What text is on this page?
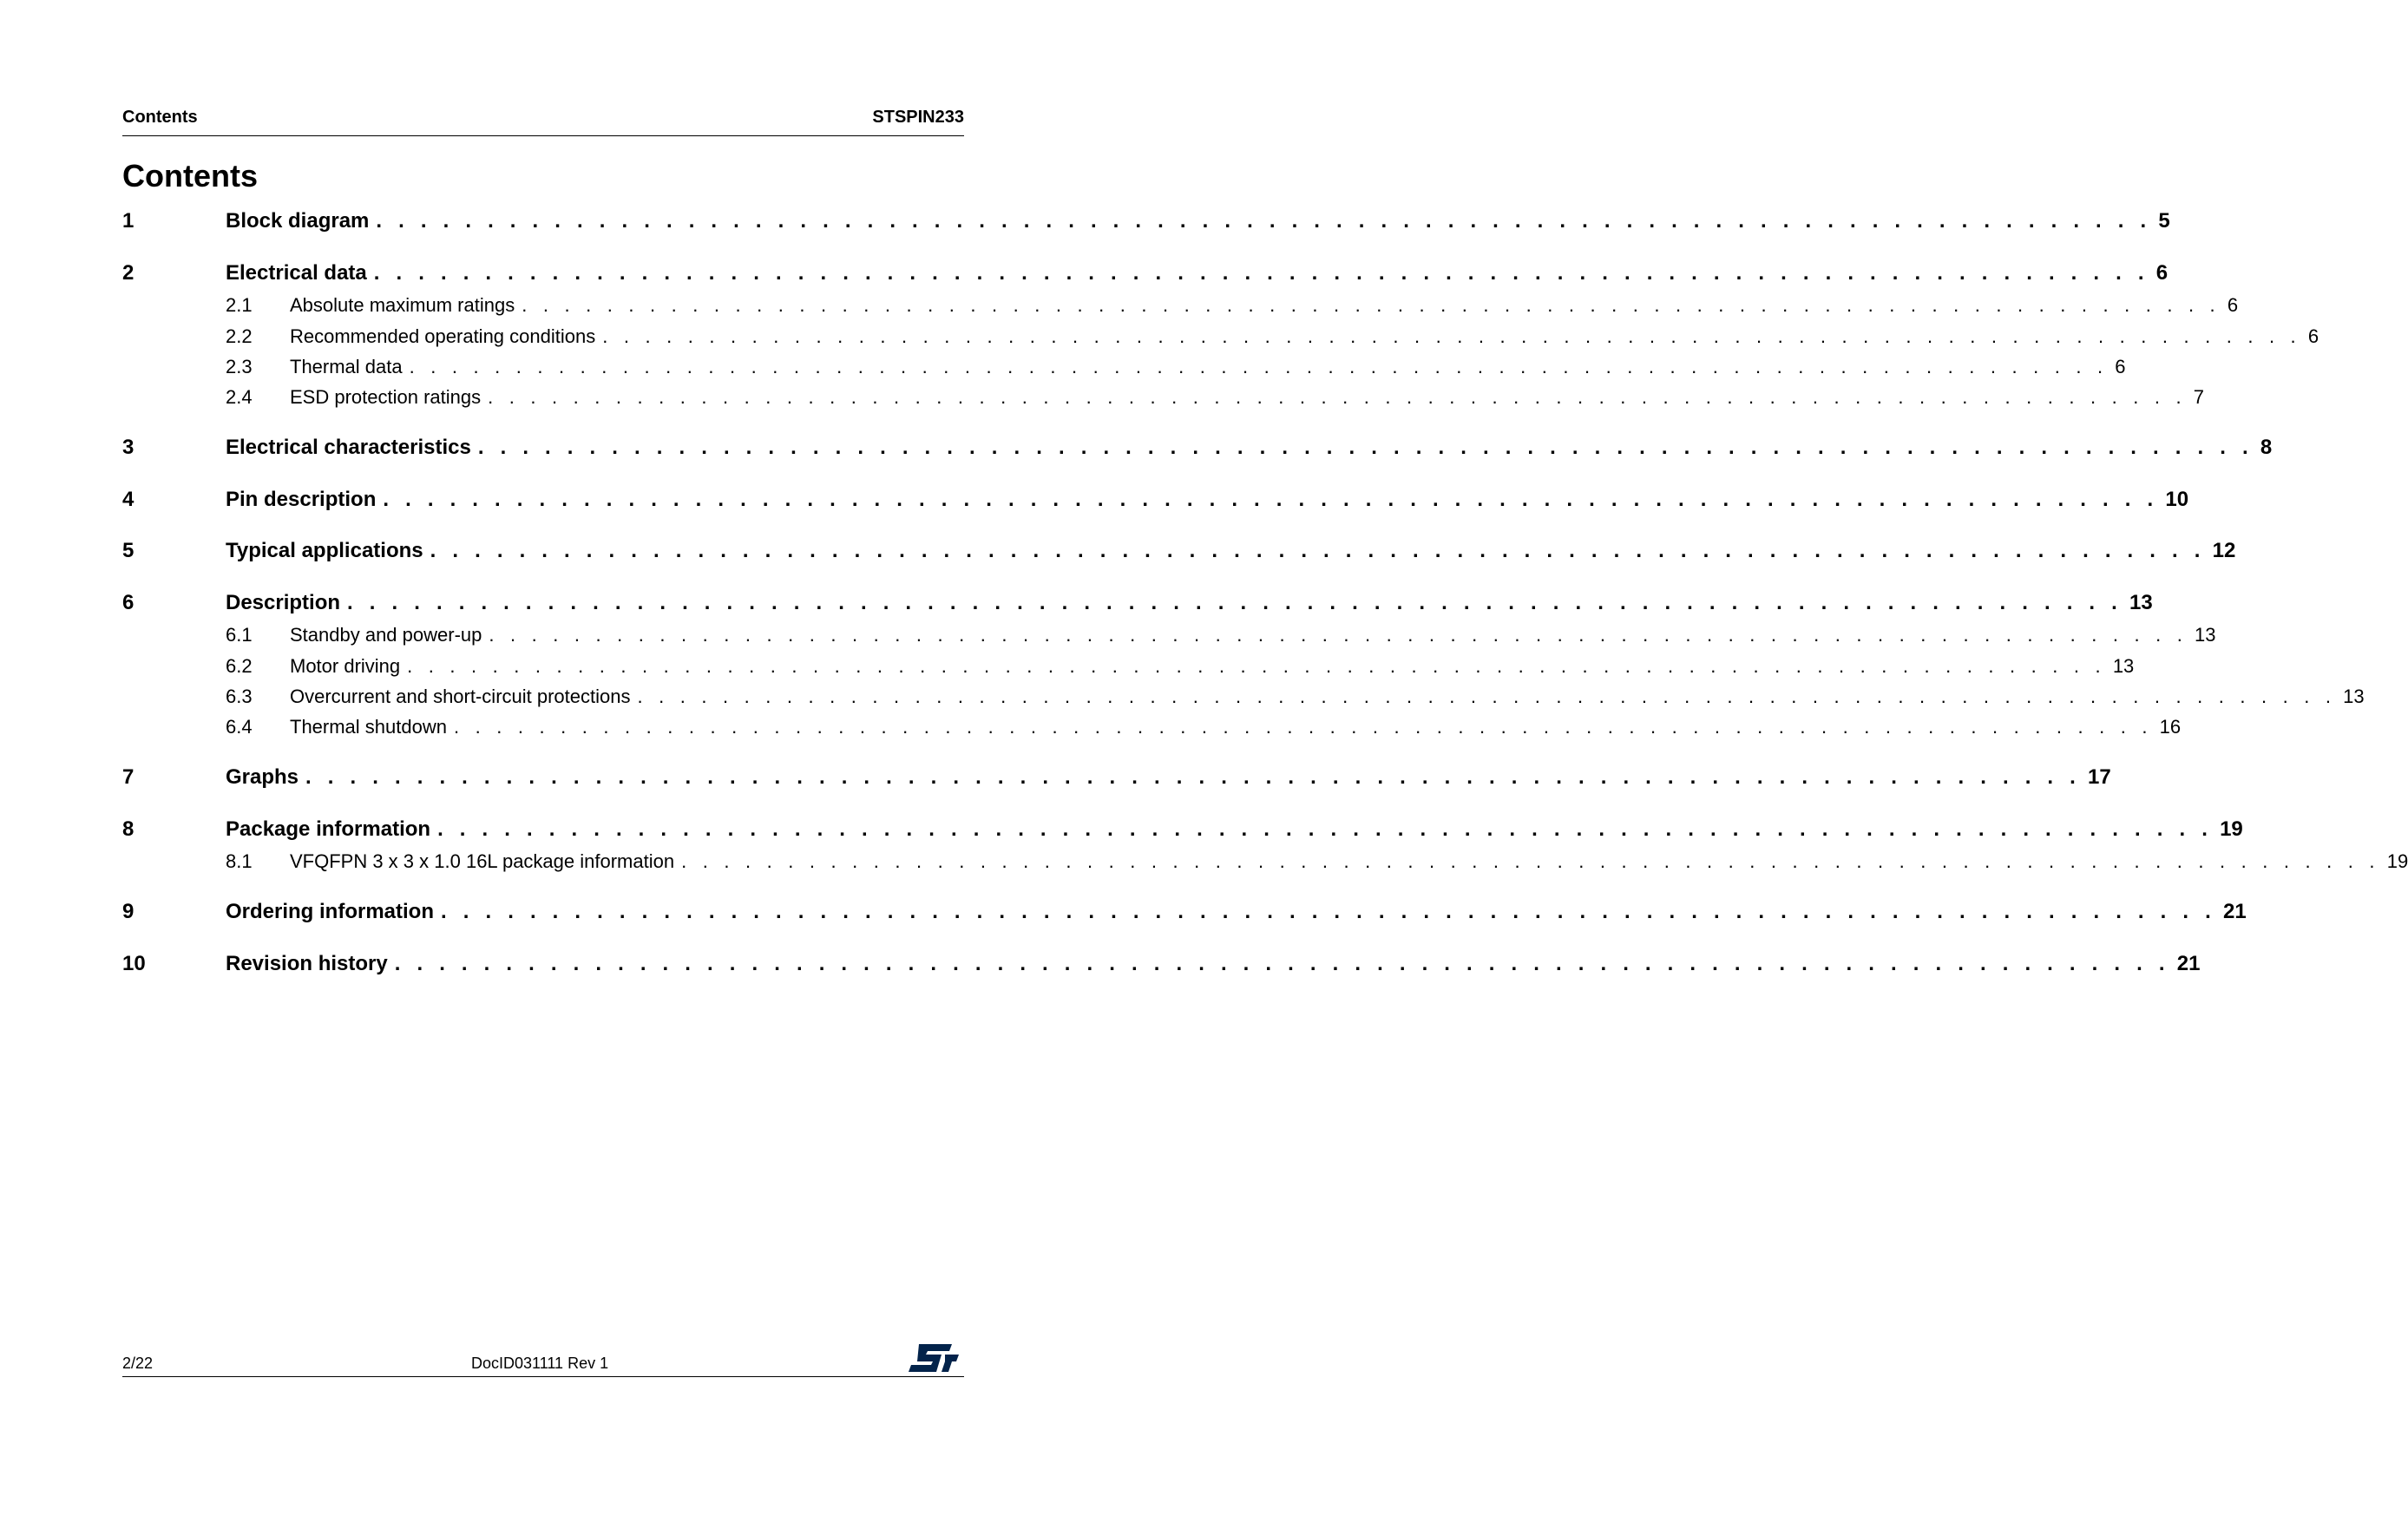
Contents	STSPIN233
Contents
1	Block diagram . . . . . . . . . . . . . . . . . . . . . . . . . . . . . . . . . . . . . . . . . . . . . . . . . . . . . . . . . . . . . . . . . . . . . . . . . . . . . . . . 5
2	Electrical data . . . . . . . . . . . . . . . . . . . . . . . . . . . . . . . . . . . . . . . . . . . . . . . . . . . . . . . . . . . . . . . . . . . . . . . . . . . . . . . . 6
2.1	Absolute maximum ratings . . . . . . . . . . . . . . . . . . . . . . . . . . . . . . . . . . . . . . . . . . . . . . . . . . . . . . . . . . . . . . . . . . . . . . . . . . . . . . . . 6
2.2	Recommended operating conditions . . . . . . . . . . . . . . . . . . . . . . . . . . . . . . . . . . . . . . . . . . . . . . . . . . . . . . . . . . . . . . . . . . . . . . . . . . . . . . . . 6
2.3	Thermal data . . . . . . . . . . . . . . . . . . . . . . . . . . . . . . . . . . . . . . . . . . . . . . . . . . . . . . . . . . . . . . . . . . . . . . . . . . . . . . . . 6
2.4	ESD protection ratings . . . . . . . . . . . . . . . . . . . . . . . . . . . . . . . . . . . . . . . . . . . . . . . . . . . . . . . . . . . . . . . . . . . . . . . . . . . . . . . . 7
3	Electrical characteristics . . . . . . . . . . . . . . . . . . . . . . . . . . . . . . . . . . . . . . . . . . . . . . . . . . . . . . . . . . . . . . . . . . . . . . . . . . . . . . . . 8
4	Pin description . . . . . . . . . . . . . . . . . . . . . . . . . . . . . . . . . . . . . . . . . . . . . . . . . . . . . . . . . . . . . . . . . . . . . . . . . . . . . . . . 10
5	Typical applications . . . . . . . . . . . . . . . . . . . . . . . . . . . . . . . . . . . . . . . . . . . . . . . . . . . . . . . . . . . . . . . . . . . . . . . . . . . . . . . . 12
6	Description . . . . . . . . . . . . . . . . . . . . . . . . . . . . . . . . . . . . . . . . . . . . . . . . . . . . . . . . . . . . . . . . . . . . . . . . . . . . . . . . 13
6.1	Standby and power-up . . . . . . . . . . . . . . . . . . . . . . . . . . . . . . . . . . . . . . . . . . . . . . . . . . . . . . . . . . . . . . . . . . . . . . . . . . . . . . . . 13
6.2	Motor driving . . . . . . . . . . . . . . . . . . . . . . . . . . . . . . . . . . . . . . . . . . . . . . . . . . . . . . . . . . . . . . . . . . . . . . . . . . . . . . . . 13
6.3	Overcurrent and short-circuit protections . . . . . . . . . . . . . . . . . . . . . . . . . . . . . . . . . . . . . . . . . . . . . . . . . . . . . . . . . . . . . . . . . . . . . . . . . . . . . . . . 13
6.4	Thermal shutdown . . . . . . . . . . . . . . . . . . . . . . . . . . . . . . . . . . . . . . . . . . . . . . . . . . . . . . . . . . . . . . . . . . . . . . . . . . . . . . . . 16
7	Graphs . . . . . . . . . . . . . . . . . . . . . . . . . . . . . . . . . . . . . . . . . . . . . . . . . . . . . . . . . . . . . . . . . . . . . . . . . . . . . . . . 17
8	Package information . . . . . . . . . . . . . . . . . . . . . . . . . . . . . . . . . . . . . . . . . . . . . . . . . . . . . . . . . . . . . . . . . . . . . . . . . . . . . . . . 19
8.1	VFQFPN 3 x 3 x 1.0 16L package information . . . . . . . . . . . . . . . . . . . . . . . . . . . . . . . . . . . . . . . . . . . . . . . . . . . . . . . . . . . . . . . . . . . . . . . . . . . . . . . . 19
9	Ordering information . . . . . . . . . . . . . . . . . . . . . . . . . . . . . . . . . . . . . . . . . . . . . . . . . . . . . . . . . . . . . . . . . . . . . . . . . . . . . . . . 21
10	Revision history . . . . . . . . . . . . . . . . . . . . . . . . . . . . . . . . . . . . . . . . . . . . . . . . . . . . . . . . . . . . . . . . . . . . . . . . . . . . . . . . 21
2/22	DocID031111 Rev 1
